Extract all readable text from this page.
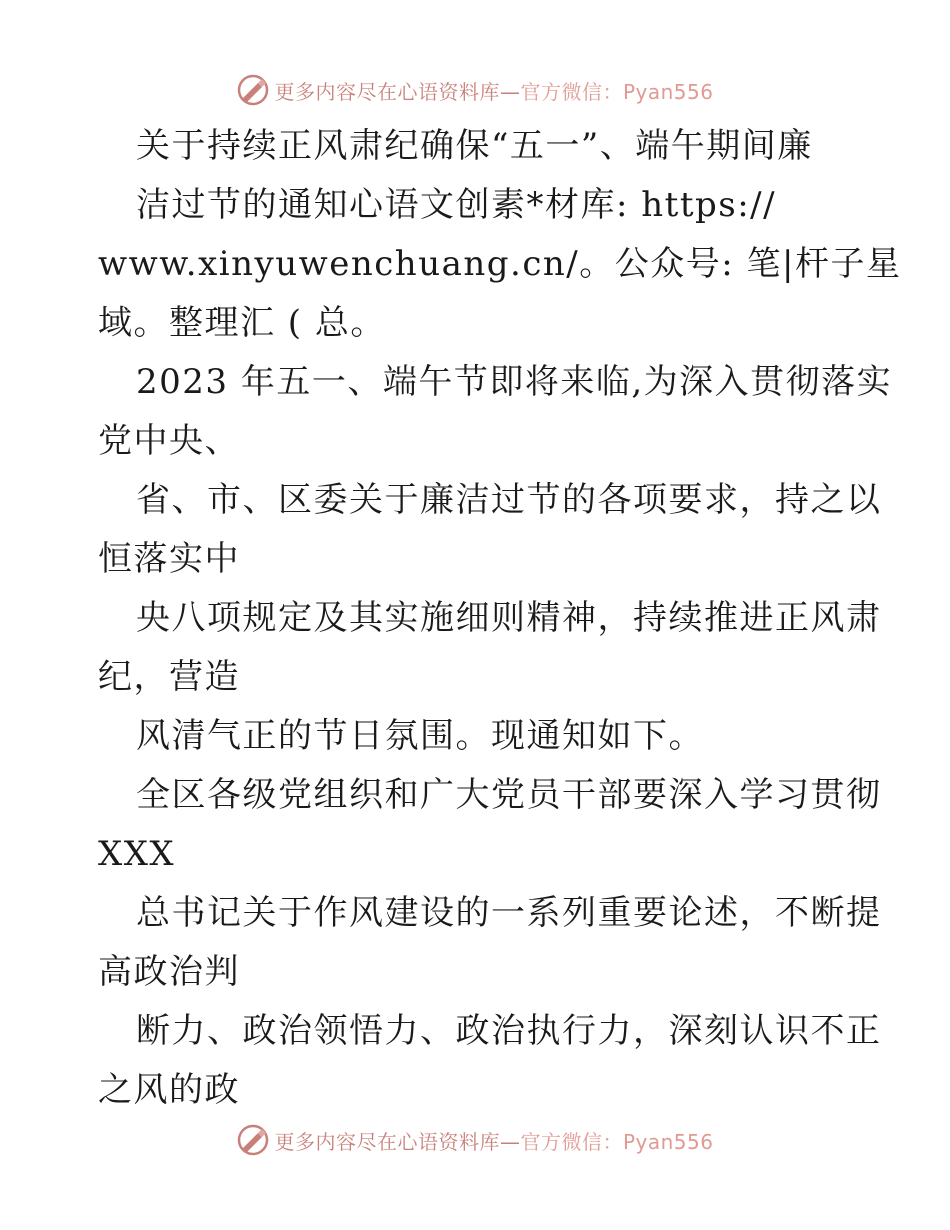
更多内容尽在心语资料库—官方微信：Pyan556
关于持续正风肃纪确保“五一”、端午期间廉
洁过节的通知心语文创素*材库: https://
www.xinyuwenchuang.cn/。公众号: 笔|杆子星
域。整理汇 ( 总。
2023 年五一、端午节即将来临,为深入贯彻落实
党中央、
省、市、区委关于廉洁过节的各项要求，持之以
恒落实中
央八项规定及其实施细则精神，持续推进正风肃
纪，营造
风清气正的节日氛围。现通知如下。
全区各级党组织和广大党员干部要深入学习贯彻
XXX
总书记关于作风建设的一系列重要论述，不断提
高政治判
断力、政治领悟力、政治执行力，深刻认识不正
之风的政
更多内容尽在心语资料库—官方微信：Pyan556
